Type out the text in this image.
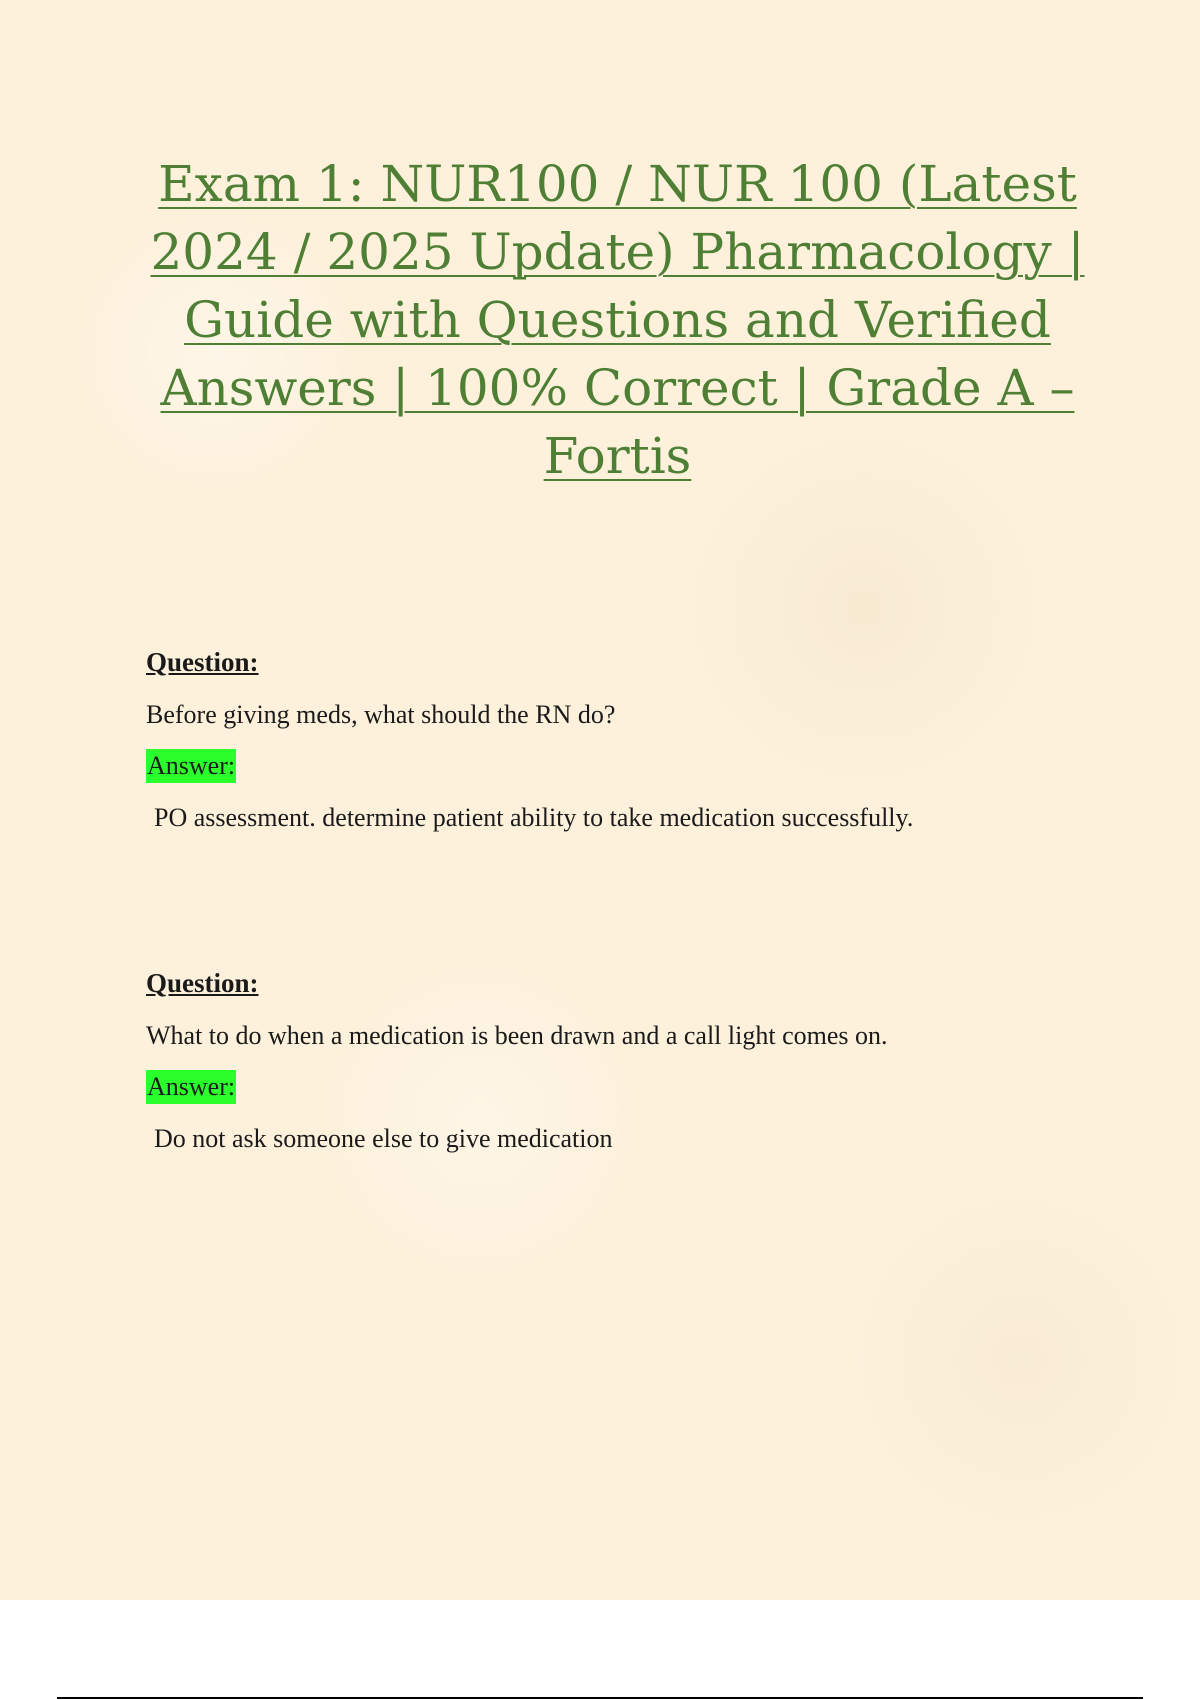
Exam 1: NUR100 / NUR 100 (Latest 2024 / 2025 Update) Pharmacology | Guide with Questions and Verified Answers | 100% Correct | Grade A – Fortis

Question:

Before giving meds, what should the RN do?

Answer:

PO assessment. determine patient ability to take medication successfully.

Question:

What to do when a medication is been drawn and a call light comes on.

Answer:

Do not ask someone else to give medication
